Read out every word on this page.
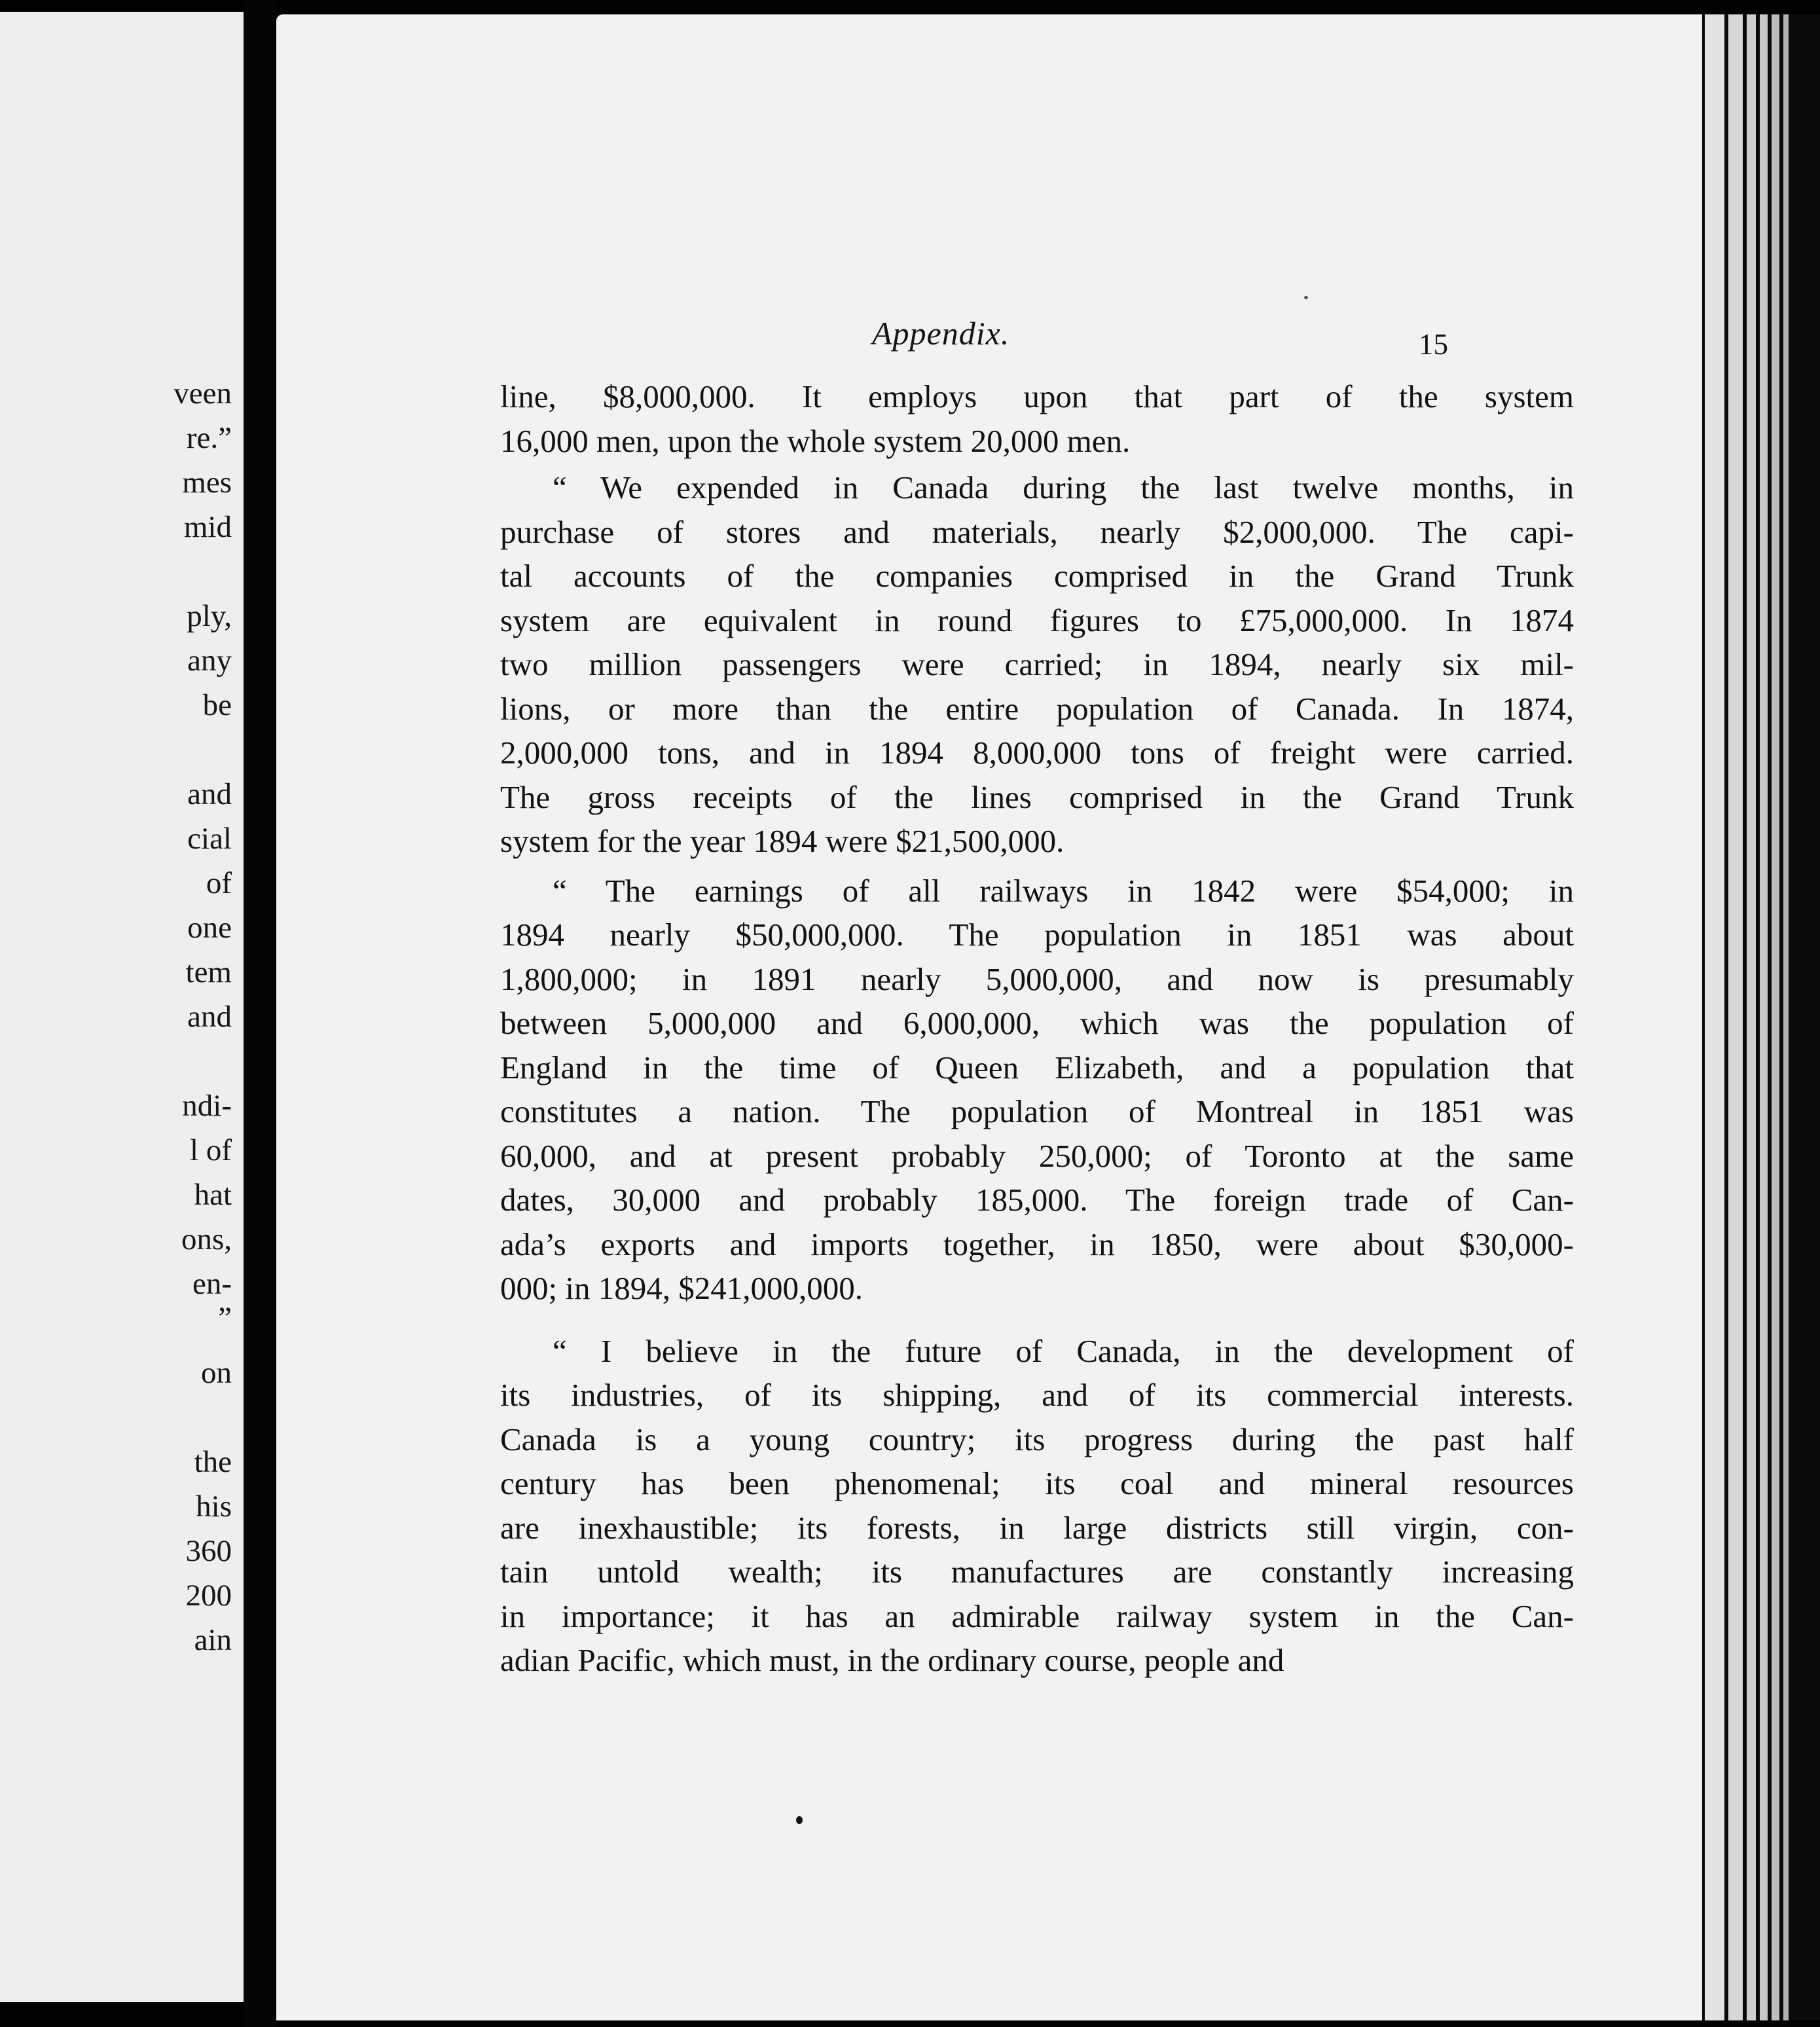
veen
re.”
mes
mid
ply,
any
be
and
cial
of
one
tem
and
ndi-
l of
hat
ons,
en-
”
on
the
his
360
200
ain
Appendix.	15
line, $8,000,000. It employs upon that part of the system
16,000 men, upon the whole system 20,000 men.
“ We expended in Canada during the last twelve months, in
purchase of stores and materials, nearly $2,000,000. The capi-
tal accounts of the companies comprised in the Grand Trunk
system are equivalent in round figures to £75,000,000. In 1874
two million passengers were carried; in 1894, nearly six mil-
lions, or more than the entire population of Canada. In 1874,
2,000,000 tons, and in 1894 8,000,000 tons of freight were carried.
The gross receipts of the lines comprised in the Grand Trunk
system for the year 1894 were $21,500,000.
“ The earnings of all railways in 1842 were $54,000; in
1894 nearly $50,000,000. The population in 1851 was about
1,800,000; in 1891 nearly 5,000,000, and now is presumably
between 5,000,000 and 6,000,000, which was the population of
England in the time of Queen Elizabeth, and a population that
constitutes a nation. The population of Montreal in 1851 was
60,000, and at present probably 250,000; of Toronto at the same
dates, 30,000 and probably 185,000. The foreign trade of Can-
ada’s exports and imports together, in 1850, were about $30,000-
000; in 1894, $241,000,000.
“ I believe in the future of Canada, in the development of
its industries, of its shipping, and of its commercial interests.
Canada is a young country; its progress during the past half
century has been phenomenal; its coal and mineral resources
are inexhaustible; its forests, in large districts still virgin, con-
tain untold wealth; its manufactures are constantly increasing
in importance; it has an admirable railway system in the Can-
adian Pacific, which must, in the ordinary course, people and
